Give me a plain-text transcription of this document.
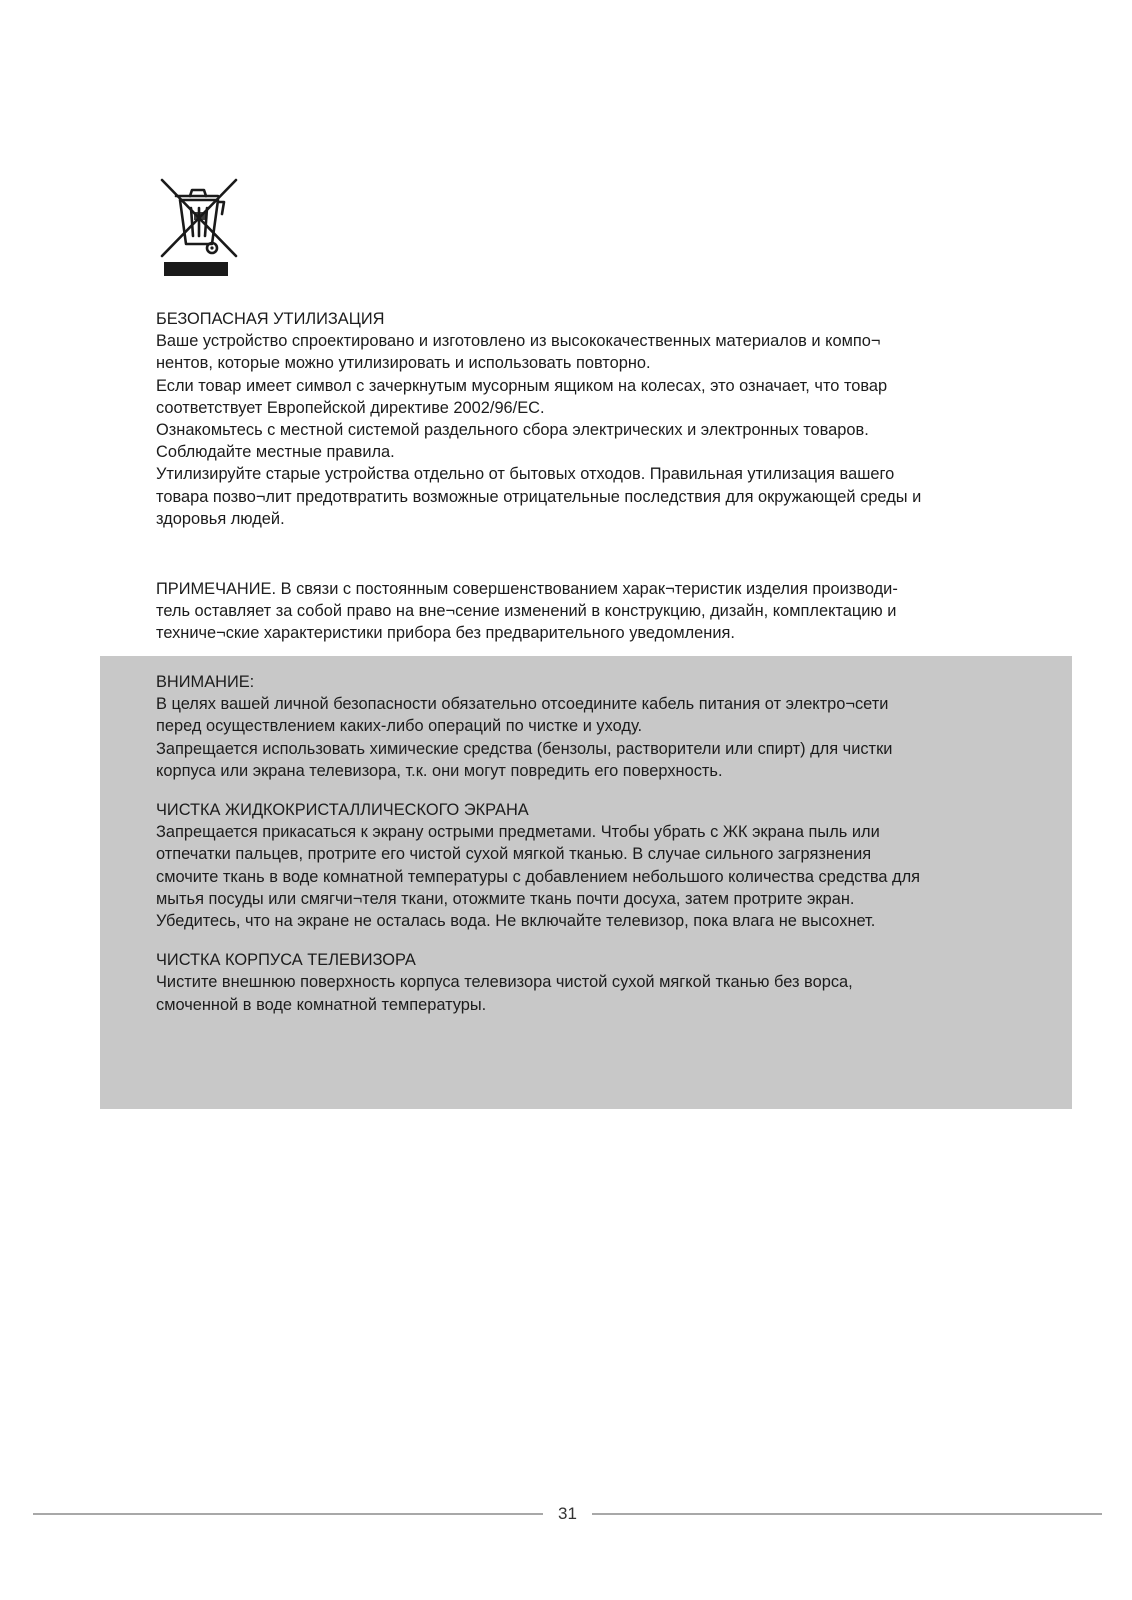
БЕЗОПАСНАЯ УТИЛИЗАЦИЯ
Ваше устройство спроектировано и изготовлено из высококачественных материалов и компо¬
нентов, которые можно утилизировать и использовать повторно.
Если товар имеет символ с зачеркнутым мусорным ящиком на колесах, это означает, что товар
соответствует Европейской директиве 2002/96/EC.
Ознакомьтесь с местной системой раздельного сбора электрических и электронных товаров.
Соблюдайте местные правила.
Утилизируйте старые устройства отдельно от бытовых отходов. Правильная утилизация вашего
товара позво¬лит предотвратить возможные отрицательные последствия для окружающей среды и
здоровья людей.
ПРИМЕЧАНИЕ. В связи с постоянным совершенствованием харак¬теристик изделия производи-
тель оставляет за собой право на вне¬сение изменений в конструкцию, дизайн, комплектацию и
техниче¬ские характеристики прибора без предварительного уведомления.
ВНИМАНИЕ:
В целях вашей личной безопасности обязательно отсоедините кабель питания от электро¬сети
перед осуществлением каких-либо операций по чистке и уходу.
Запрещается использовать химические средства (бензолы, растворители или спирт) для чистки
корпуса или экрана телевизора, т.к. они могут повредить его поверхность.
ЧИСТКА ЖИДКОКРИСТАЛЛИЧЕСКОГО ЭКРАНА
Запрещается прикасаться к экрану острыми предметами. Чтобы убрать с ЖК экрана пыль или
отпечатки пальцев, протрите его чистой сухой мягкой тканью. В случае сильного загрязнения
смочите ткань в воде комнатной температуры с добавлением небольшого количества средства для
мытья посуды или смягчи¬теля ткани, отожмите ткань почти досуха, затем протрите экран.
Убедитесь, что на экране не осталась вода. Не включайте телевизор, пока влага не высохнет.
ЧИСТКА КОРПУСА ТЕЛЕВИЗОРА
Чистите внешнюю поверхность корпуса телевизора чистой сухой мягкой тканью без ворса,
смоченной в воде комнатной температуры.
31
